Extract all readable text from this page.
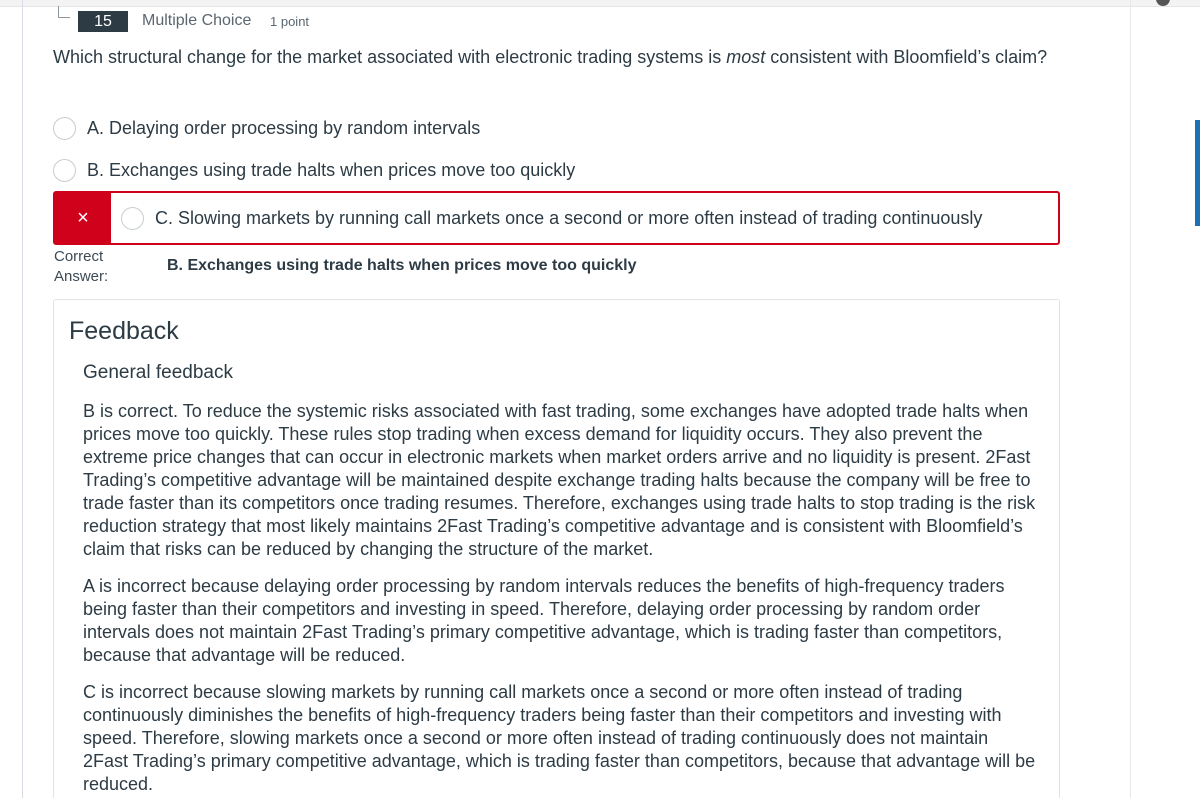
15	Multiple Choice 1 point
Which structural change for the market associated with electronic trading systems is most consistent with Bloomfield’s claim?
A. Delaying order processing by random intervals
B. Exchanges using trade halts when prices move too quickly
×	C. Slowing markets by running call markets once a second or more often instead of trading continuously
Correct
Answer:
B. Exchanges using trade halts when prices move too quickly
Feedback
General feedback

B is correct. To reduce the systemic risks associated with fast trading, some exchanges have adopted trade halts when prices move too quickly. These rules stop trading when excess demand for liquidity occurs. They also prevent the extreme price changes that can occur in electronic markets when market orders arrive and no liquidity is present. 2Fast Trading’s competitive advantage will be maintained despite exchange trading halts because the company will be free to trade faster than its competitors once trading resumes. Therefore, exchanges using trade halts to stop trading is the risk reduction strategy that most likely maintains 2Fast Trading’s competitive advantage and is consistent with Bloomfield’s claim that risks can be reduced by changing the structure of the market.

A is incorrect because delaying order processing by random intervals reduces the benefits of high-frequency traders being faster than their competitors and investing in speed. Therefore, delaying order processing by random order intervals does not maintain 2Fast Trading’s primary competitive advantage, which is trading faster than competitors, because that advantage will be reduced.

C is incorrect because slowing markets by running call markets once a second or more often instead of trading continuously diminishes the benefits of high-frequency traders being faster than their competitors and investing with speed. Therefore, slowing markets once a second or more often instead of trading continuously does not maintain 2Fast Trading’s primary competitive advantage, which is trading faster than competitors, because that advantage will be reduced.
